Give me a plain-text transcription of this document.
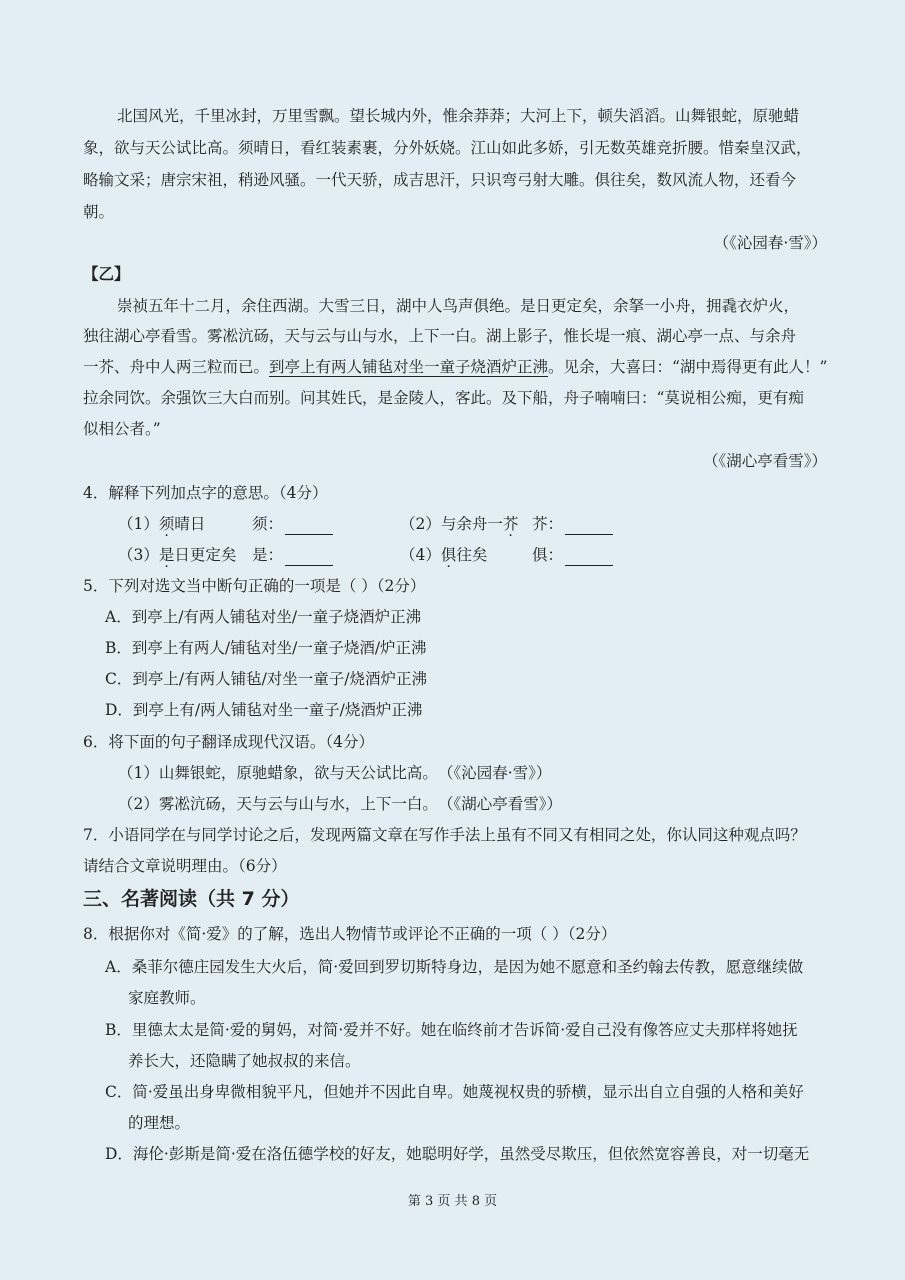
北国风光，千里冰封，万里雪飘。望长城内外，惟余莽莽；大河上下，顿失滔滔。山舞银蛇，原驰蜡
象，欲与天公试比高。须晴日，看红装素裹，分外妖娆。江山如此多娇，引无数英雄竞折腰。惜秦皇汉武，
略输文采；唐宗宋祖，稍逊风骚。一代天骄，成吉思汗，只识弯弓射大雕。俱往矣，数风流人物，还看今
朝。
（《沁园春·雪》）
【乙】
崇祯五年十二月，余住西湖。大雪三日，湖中人鸟声俱绝。是日更定矣，余拏一小舟，拥毳衣炉火，
独往湖心亭看雪。雾凇沆砀，天与云与山与水，上下一白。湖上影子，惟长堤一痕、湖心亭一点、与余舟
一芥、舟中人两三粒而已。到亭上有两人铺毡对坐一童子烧酒炉正沸。见余，大喜曰：“湖中焉得更有此人！”
拉余同饮。余强饮三大白而别。问其姓氏，是金陵人，客此。及下船，舟子喃喃曰：“莫说相公痴，更有痴
似相公者。”
（《湖心亭看雪》）
4．解释下列加点字的意思。（4分）
（1）须晴日	须：	（2）与余舟一芥 芥：
（3）是日更定矣 是：	（4）俱往矣	俱：
5．下列对选文当中断句正确的一项是（ ）（2分）
A．到亭上/有两人铺毡对坐/一童子烧酒炉正沸
B．到亭上有两人/铺毡对坐/一童子烧酒/炉正沸
C．到亭上/有两人铺毡/对坐一童子/烧酒炉正沸
D．到亭上有/两人铺毡对坐一童子/烧酒炉正沸
6．将下面的句子翻译成现代汉语。（4分）
（1）山舞银蛇，原驰蜡象，欲与天公试比高。 （《沁园春·雪》）
（2）雾凇沆砀，天与云与山与水，上下一白。 （《湖心亭看雪》）
7．小语同学在与同学讨论之后，发现两篇文章在写作手法上虽有不同又有相同之处，你认同这种观点吗？
请结合文章说明理由。（6分）
三、名著阅读（共 7 分）
8．根据你对《简·爱》的了解，选出人物情节或评论不正确的一项（ ）（2分）
A．桑菲尔德庄园发生大火后，简·爱回到罗切斯特身边，是因为她不愿意和圣约翰去传教，愿意继续做
家庭教师。
B．里德太太是简·爱的舅妈，对简·爱并不好。她在临终前才告诉简·爱自己没有像答应丈夫那样将她抚
养长大，还隐瞒了她叔叔的来信。
C．简·爱虽出身卑微相貌平凡，但她并不因此自卑。她蔑视权贵的骄横，显示出自立自强的人格和美好
的理想。
D．海伦·彭斯是简·爱在洛伍德学校的好友，她聪明好学，虽然受尽欺压，但依然宽容善良，对一切毫无
第 3 页 共 8 页
